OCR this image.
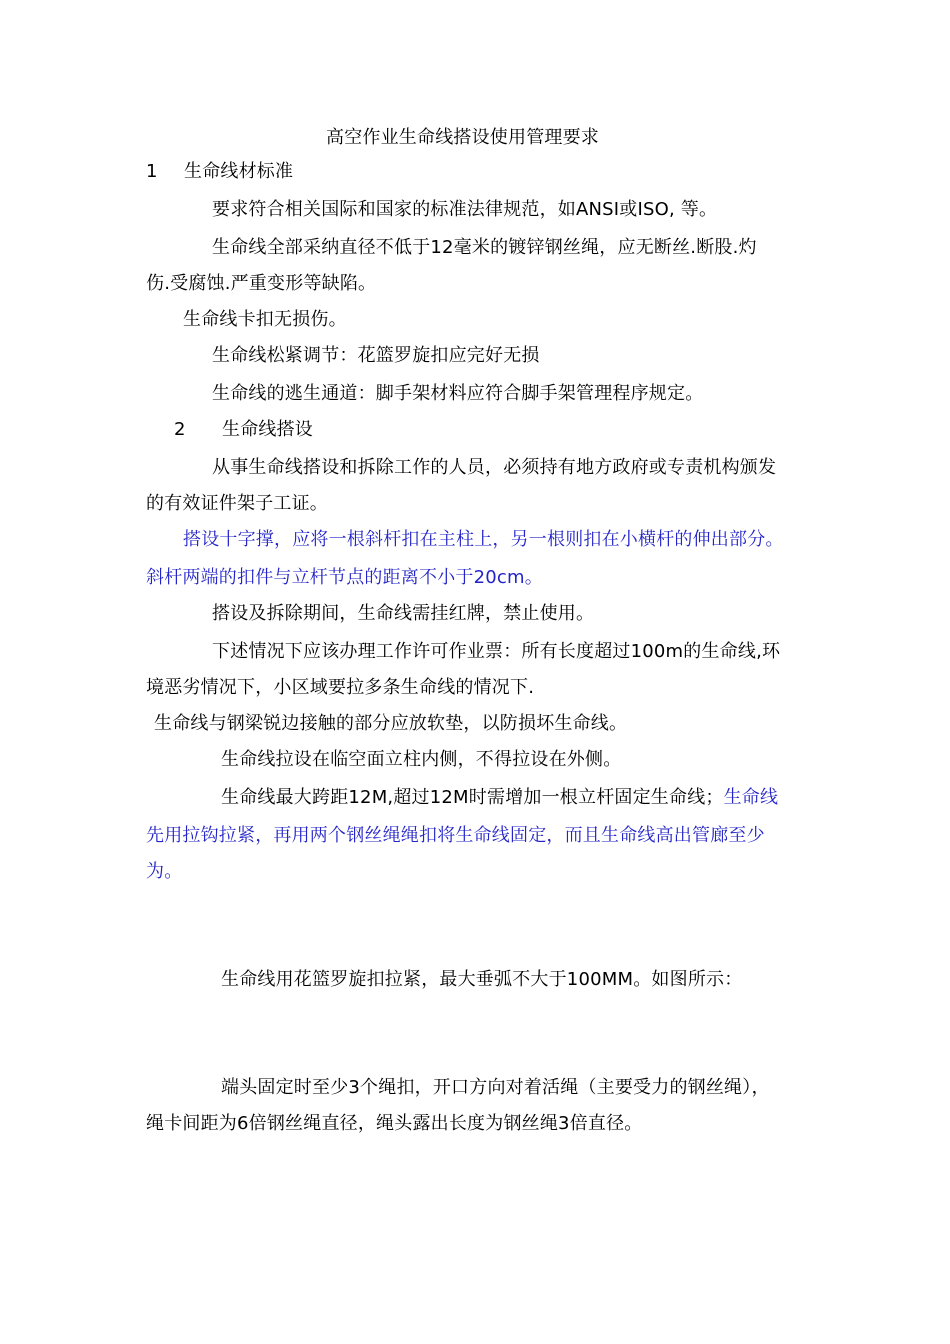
高空作业生命线搭设使用管理要求
1 生命线材标准
要求符合相关国际和国家的标准法律规范，如ANSI或ISO, 等。
生命线全部采纳直径不低于12毫米的镀锌钢丝绳，应无断丝.断股.灼
伤.受腐蚀.严重变形等缺陷。
生命线卡扣无损伤。
生命线松紧调节：花篮罗旋扣应完好无损
生命线的逃生通道：脚手架材料应符合脚手架管理程序规定。
2 生命线搭设
从事生命线搭设和拆除工作的人员，必须持有地方政府或专责机构颁发
的有效证件架子工证。
搭设十字撑，应将一根斜杆扣在主柱上，另一根则扣在小横杆的伸出部分。
斜杆两端的扣件与立杆节点的距离不小于20cm。
搭设及拆除期间，生命线需挂红牌，禁止使用。
下述情况下应该办理工作许可作业票：所有长度超过100m的生命线,环
境恶劣情况下，小区域要拉多条生命线的情况下.
生命线与钢梁锐边接触的部分应放软垫，以防损坏生命线。
生命线拉设在临空面立柱内侧，不得拉设在外侧。
生命线最大跨距12M,超过12M时需增加一根立杆固定生命线；生命线
先用拉钩拉紧，再用两个钢丝绳绳扣将生命线固定，而且生命线高出管廊至少
为。
生命线用花篮罗旋扣拉紧，最大垂弧不大于100MM。如图所示：
端头固定时至少3个绳扣，开口方向对着活绳（主要受力的钢丝绳），
绳卡间距为6倍钢丝绳直径，绳头露出长度为钢丝绳3倍直径。
